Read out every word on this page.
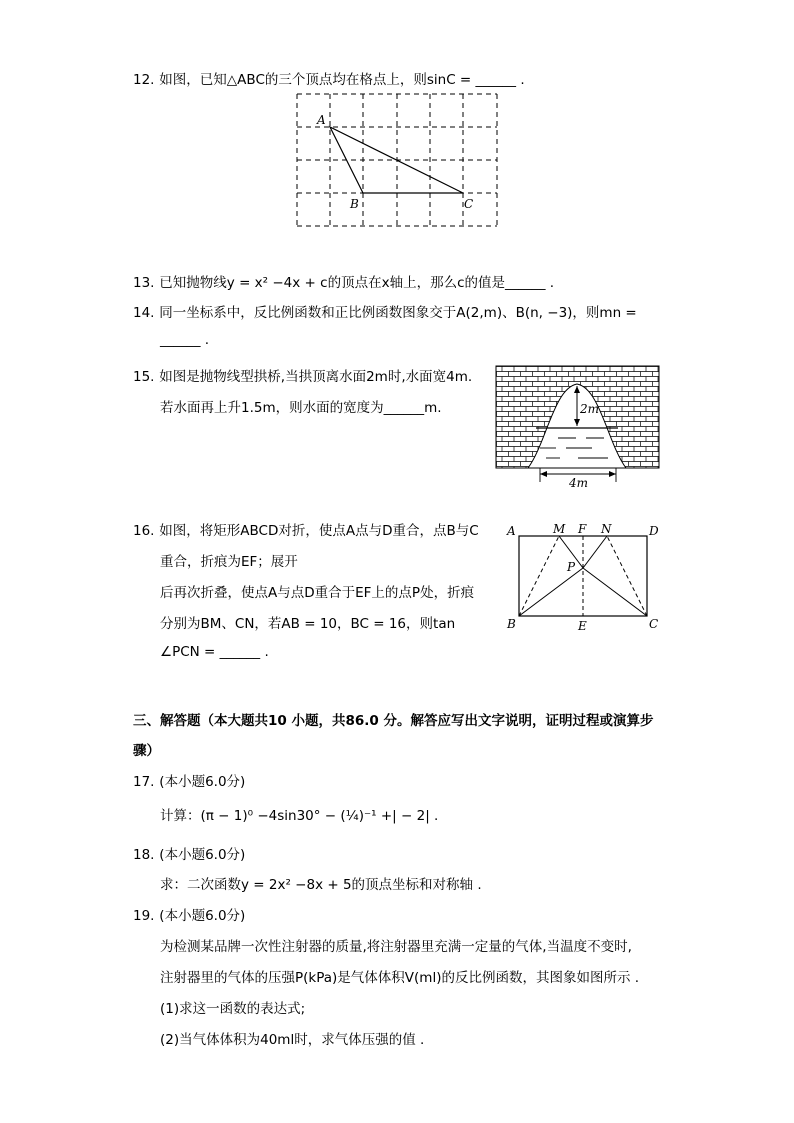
12. 如图，已知△ABC的三个顶点均在格点上，则sinC = ______ .
A
B	C
13. 已知抛物线y = x² −4x + c的顶点在x轴上，那么c的值是______ .
14. 同一坐标系中，反比例函数和正比例函数图象交于A(2,m)、B(n, −3)，则mn =
______ .
15. 如图是抛物线型拱桥,当拱顶离水面2m时,水面宽4m.
若水面再上升1.5m，则水面的宽度为______m.	2m
4m
16. 如图，将矩形ABCD对折，使点A点与D重合，点B与C
重合，折痕为EF；展开
后再次折叠，使点A与点D重合于EF上的点P处，折痕
分别为BM、CN，若AB = 10，BC = 16，则tan
∠PCN = ______ .
A	M F N	D
P
B	E	C
三、解答题（本大题共10 小题，共86.0 分。解答应写出文字说明，证明过程或演算步
骤）
17. (本小题6.0分)
计算：(π − 1)⁰ −4sin30° − (¼)⁻¹ +| − 2| .
18. (本小题6.0分)
求：二次函数y = 2x² −8x + 5的顶点坐标和对称轴 .
19. (本小题6.0分)
为检测某品牌一次性注射器的质量,将注射器里充满一定量的气体,当温度不变时,
注射器里的气体的压强P(kPa)是气体体积V(ml)的反比例函数，其图象如图所示 .
(1)求这一函数的表达式;
(2)当气体体积为40ml时，求气体压强的值 .
